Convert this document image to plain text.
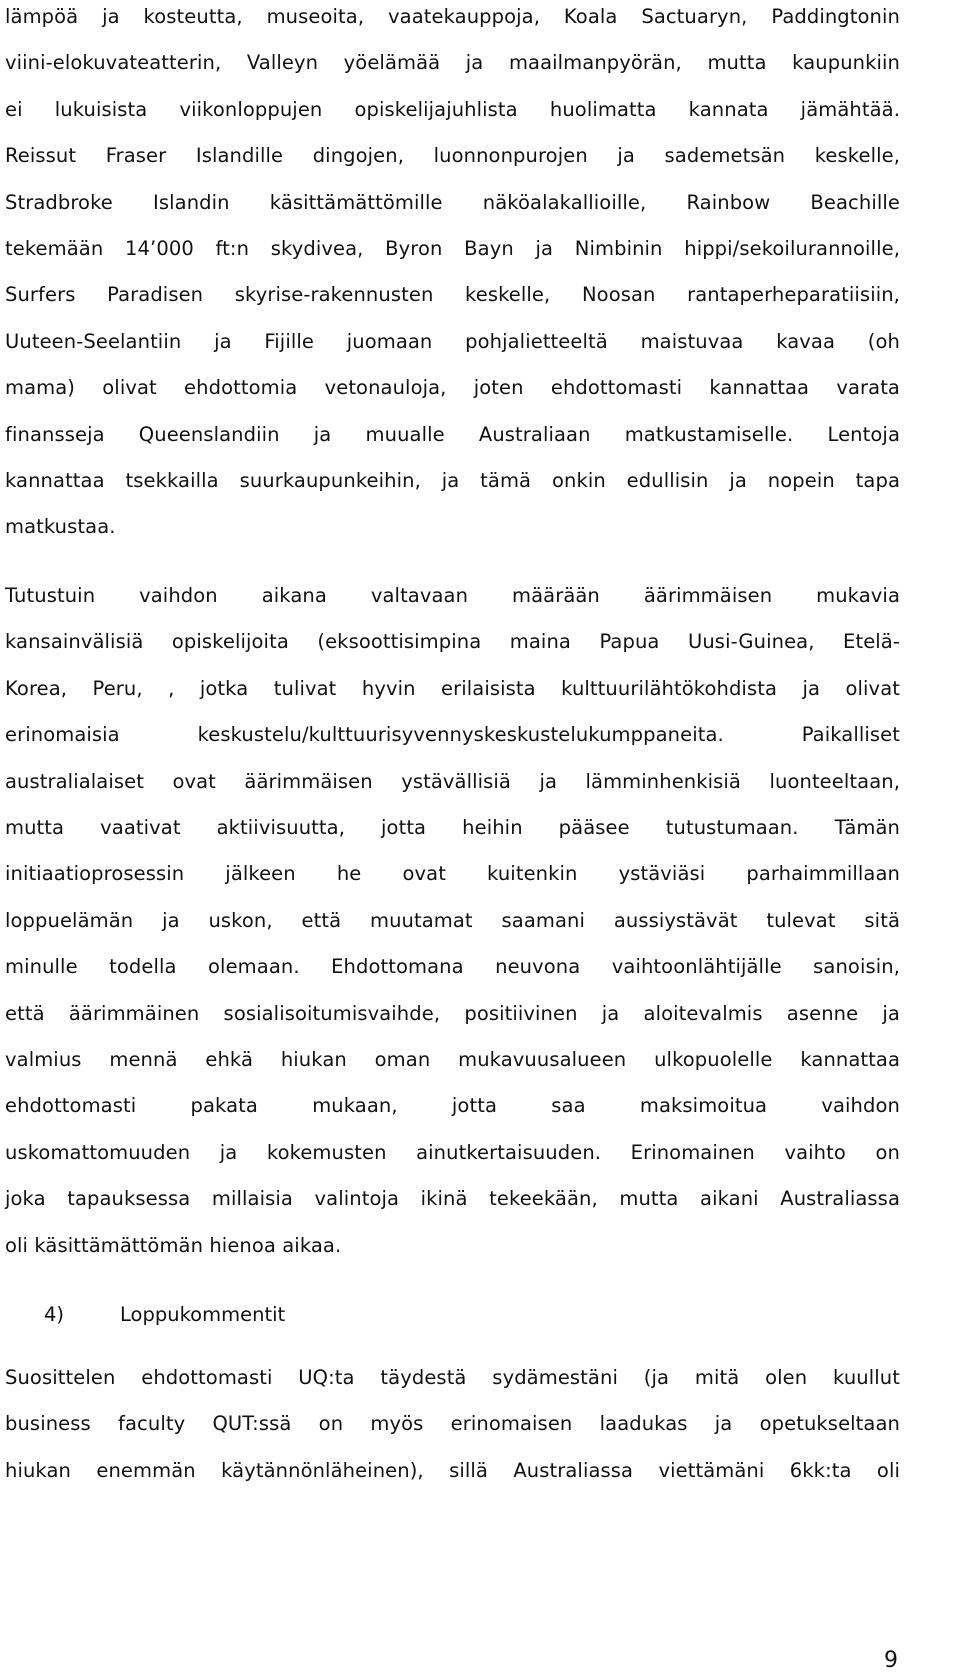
lämpöä ja kosteutta, museoita, vaatekauppoja, Koala Sactuaryn, Paddingtonin
viini-elokuvateatterin, Valleyn yöelämää ja maailmanpyörän, mutta kaupunkiin
ei lukuisista viikonloppujen opiskelijajuhlista huolimatta kannata jämähtää.
Reissut Fraser Islandille dingojen, luonnonpurojen ja sademetsän keskelle,
Stradbroke Islandin käsittämättömille näköalakallioille, Rainbow Beachille
tekemään 14’000 ft:n skydivea, Byron Bayn ja Nimbinin hippi/sekoilurannoille,
Surfers Paradisen skyrise-rakennusten keskelle, Noosan rantaperheparatiisiin,
Uuteen-Seelantiin ja Fijille juomaan pohjalietteeltä maistuvaa kavaa (oh
mama) olivat ehdottomia vetonauloja, joten ehdottomasti kannattaa varata
finansseja Queenslandiin ja muualle Australiaan matkustamiselle. Lentoja
kannattaa tsekkailla suurkaupunkeihin, ja tämä onkin edullisin ja nopein tapa
matkustaa.
Tutustuin vaihdon aikana valtavaan määrään äärimmäisen mukavia
kansainvälisiä opiskelijoita (eksoottisimpina maina Papua Uusi-Guinea, Etelä-
Korea, Peru, , jotka tulivat hyvin erilaisista kulttuurilähtökohdista ja olivat
erinomaisia keskustelu/kulttuurisyvennyskeskustelukumppaneita. Paikalliset
australialaiset ovat äärimmäisen ystävällisiä ja lämminhenkisiä luonteeltaan,
mutta vaativat aktiivisuutta, jotta heihin pääsee tutustumaan. Tämän
initiaatioprosessin jälkeen he ovat kuitenkin ystäviäsi parhaimmillaan
loppuelämän ja uskon, että muutamat saamani aussiystävät tulevat sitä
minulle todella olemaan. Ehdottomana neuvona vaihtoonlähtijälle sanoisin,
että äärimmäinen sosialisoitumisvaihde, positiivinen ja aloitevalmis asenne ja
valmius mennä ehkä hiukan oman mukavuusalueen ulkopuolelle kannattaa
ehdottomasti pakata mukaan, jotta saa maksimoitua vaihdon
uskomattomuuden ja kokemusten ainutkertaisuuden. Erinomainen vaihto on
joka tapauksessa millaisia valintoja ikinä tekeekään, mutta aikani Australiassa
oli käsittämättömän hienoa aikaa.
4)	Loppukommentit
Suosittelen ehdottomasti UQ:ta täydestä sydämestäni (ja mitä olen kuullut
business faculty QUT:ssä on myös erinomaisen laadukas ja opetukseltaan
hiukan enemmän käytännönläheinen), sillä Australiassa viettämäni 6kk:ta oli
9
